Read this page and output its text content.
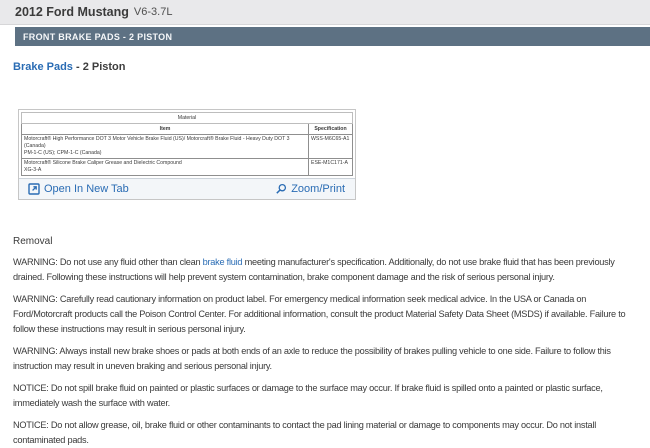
2012 Ford Mustang V6-3.7L
FRONT BRAKE PADS - 2 PISTON
Brake Pads - 2 Piston
Material	
Item	Specification

Motorcraft® High Performance DOT 3 Motor Vehicle Brake Fluid (US)/ Motorcraft® Brake Fluid - Heavy Duty DOT 3 (Canada)
PM-1-C (US); CPM-1-C (Canada)	WSS-M6C65-A1

Motorcraft® Silicone Brake Caliper Grease and Dielectric Compound
XG-3-A	ESE-M1C171-A
Open In New Tab	Zoom/Print
Removal

WARNING: Do not use any fluid other than clean brake fluid meeting manufacturer's specification. Additionally, do not use brake fluid that has been previously drained. Following these instructions will help prevent system contamination, brake component damage and the risk of serious personal injury.

WARNING: Carefully read cautionary information on product label. For emergency medical information seek medical advice. In the USA or Canada on Ford/Motorcraft products call the Poison Control Center. For additional information, consult the product Material Safety Data Sheet (MSDS) if available. Failure to follow these instructions may result in serious personal injury.

WARNING: Always install new brake shoes or pads at both ends of an axle to reduce the possibility of brakes pulling vehicle to one side. Failure to follow this instruction may result in uneven braking and serious personal injury.

NOTICE: Do not spill brake fluid on painted or plastic surfaces or damage to the surface may occur. If brake fluid is spilled onto a painted or plastic surface, immediately wash the surface with water.

NOTICE: Do not allow grease, oil, brake fluid or other contaminants to contact the pad lining material or damage to components may occur. Do not install contaminated pads.
